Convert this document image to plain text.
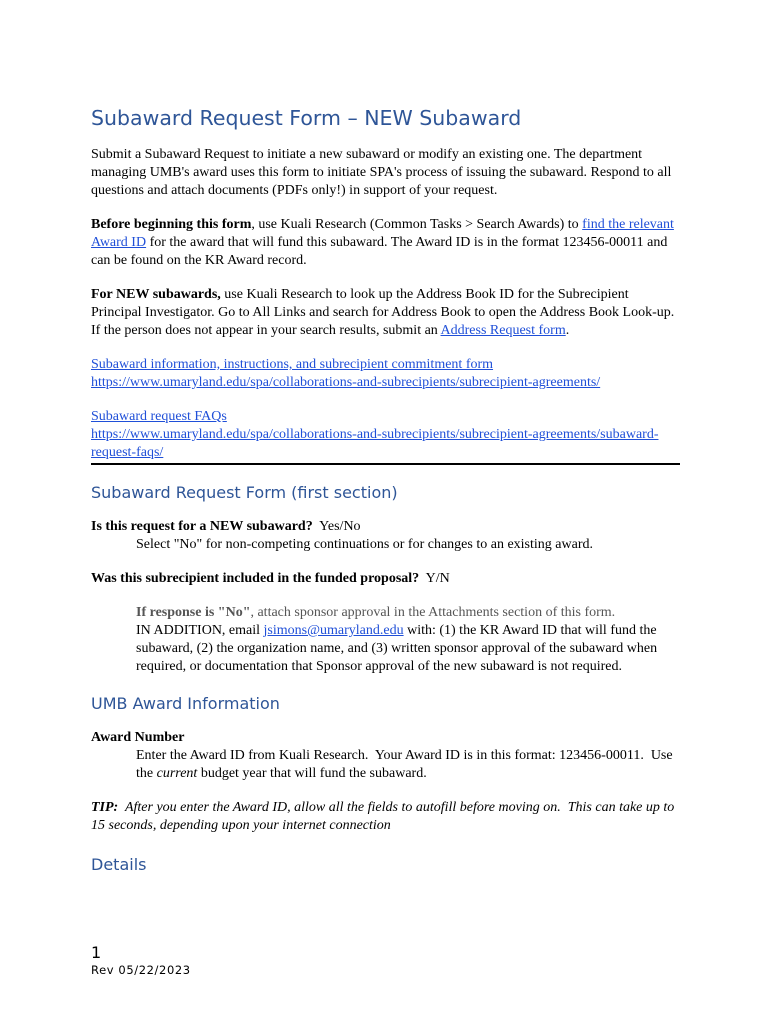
Subaward Request Form – NEW Subaward

Submit a Subaward Request to initiate a new subaward or modify an existing one. The department managing UMB's award uses this form to initiate SPA's process of issuing the subaward. Respond to all questions and attach documents (PDFs only!) in support of your request.

Before beginning this form, use Kuali Research (Common Tasks > Search Awards) to find the relevant Award ID for the award that will fund this subaward. The Award ID is in the format 123456-00011 and can be found on the KR Award record.

For NEW subawards, use Kuali Research to look up the Address Book ID for the Subrecipient Principal Investigator. Go to All Links and search for Address Book to open the Address Book Look-up. If the person does not appear in your search results, submit an Address Request form.

Subaward information, instructions, and subrecipient commitment form

https://www.umaryland.edu/spa/collaborations-and-subrecipients/subrecipient-agreements/

Subaward request FAQs

https://www.umaryland.edu/spa/collaborations-and-subrecipients/subrecipient-agreements/subaward-request-faqs/

Subaward Request Form (first section)

Is this request for a NEW subaward?  Yes/No

Select "No" for non-competing continuations or for changes to an existing award.

Was this subrecipient included in the funded proposal?  Y/N

If response is "No", attach sponsor approval in the Attachments section of this form.

IN ADDITION, email jsimons@umaryland.edu with: (1) the KR Award ID that will fund the subaward, (2) the organization name, and (3) written sponsor approval of the subaward when required, or documentation that Sponsor approval of the new subaward is not required.

UMB Award Information

Award Number

Enter the Award ID from Kuali Research.  Your Award ID is in this format: 123456-00011.  Use the current budget year that will fund the subaward.

TIP:  After you enter the Award ID, allow all the fields to autofill before moving on.  This can take up to 15 seconds, depending upon your internet connection

Details
1
Rev 05/22/2023
